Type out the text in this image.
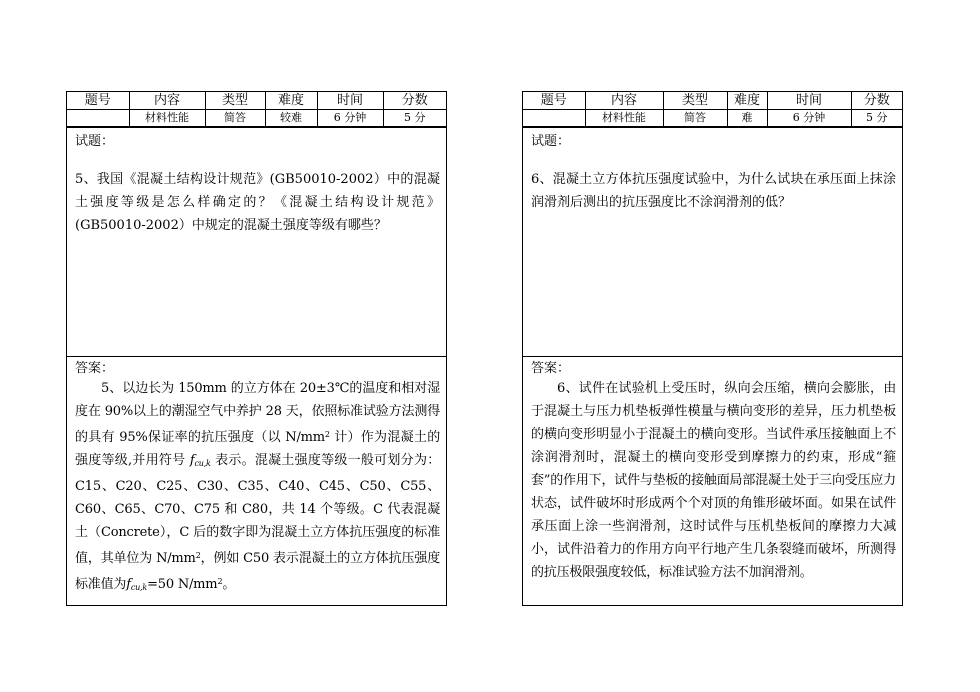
题号	内容	类型	难度	时间	分数
	材料性能	简答	较难	6 分钟	5 分
试题：
5、我国《混凝土结构设计规范》(GB50010-2002）中的混凝土强度等级是怎么样确定的？《混凝土结构设计规范》(GB50010-2002）中规定的混凝土强度等级有哪些？
答案：
5、以边长为 150mm 的立方体在 20±3℃的温度和相对湿度在 90%以上的潮湿空气中养护 28 天，依照标准试验方法测得的具有 95%保证率的抗压强度（以 $N/mm^2$ 计）作为混凝土的强度等级,并用符号 $f_{cu,k}$ 表示。混凝土强度等级一般可划分为：C15、C20、C25、C30、C35、C40、C45、C50、C55、C60、C65、C70、C75 和 C80，共 14 个等级。C 代表混凝土（Concrete），C 后的数字即为混凝土立方体抗压强度的标准值，其单位为 $N/mm^2$，例如 C50 表示混凝土的立方体抗压强度标准值为$f_{cu,k}=50$ $N/mm^2$。
题号	内容	类型	难度	时间	分数
	材料性能	简答	难	6 分钟	5 分
试题：
6、混凝土立方体抗压强度试验中，为什么试块在承压面上抹涂润滑剂后测出的抗压强度比不涂润滑剂的低？
答案：
6、试件在试验机上受压时，纵向会压缩，横向会膨胀，由于混凝土与压力机垫板弹性模量与横向变形的差异，压力机垫板的横向变形明显小于混凝土的横向变形。当试件承压接触面上不涂润滑剂时，混凝土的横向变形受到摩擦力的约束，形成“箍套”的作用下，试件与垫板的接触面局部混凝土处于三向受压应力状态，试件破坏时形成两个个对顶的角锥形破坏面。如果在试件承压面上涂一些润滑剂，这时试件与压机垫板间的摩擦力大减小，试件沿着力的作用方向平行地产生几条裂缝而破坏，所测得的抗压极限强度较低，标准试验方法不加润滑剂。
